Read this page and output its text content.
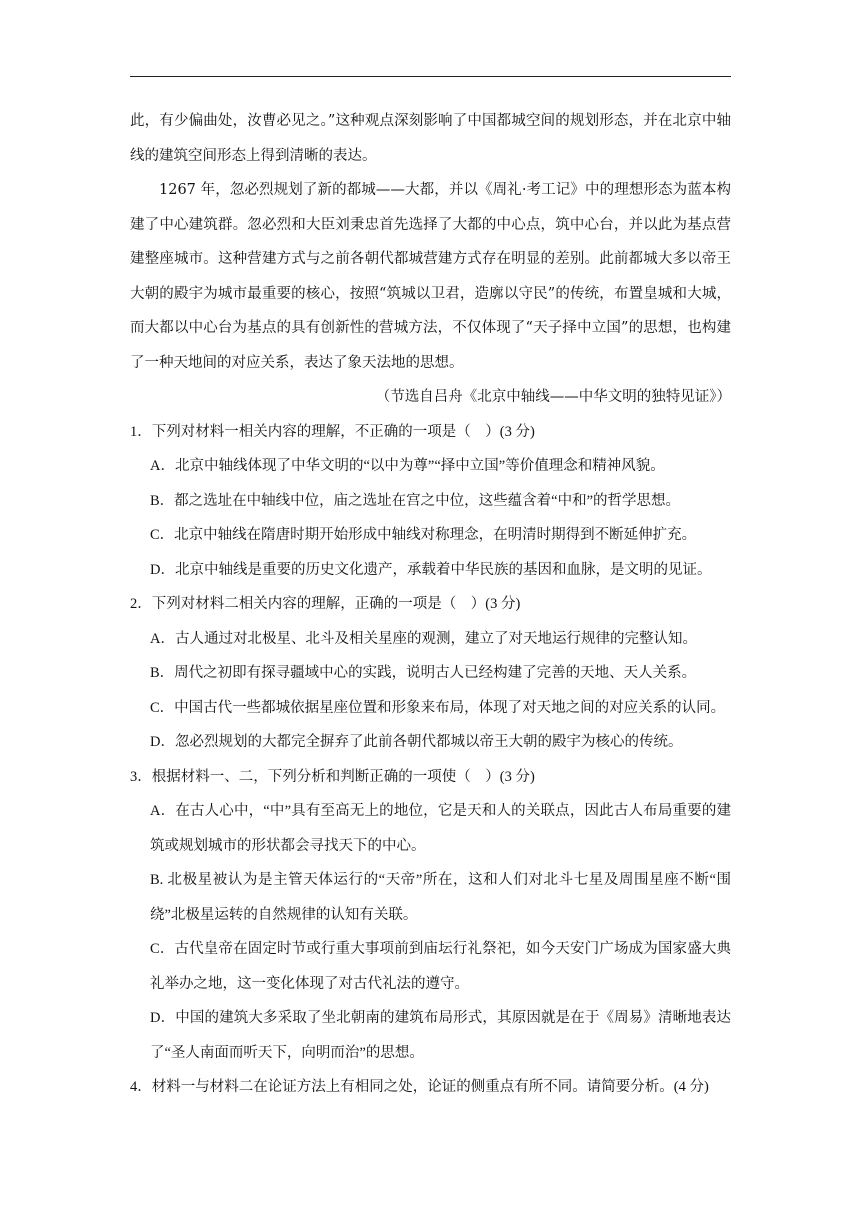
此，有少偏曲处，汝曹必见之。”这种观点深刻影响了中国都城空间的规划形态，并在北京中轴线的建筑空间形态上得到清晰的表达。

1267 年，忽必烈规划了新的都城——大都，并以《周礼·考工记》中的理想形态为蓝本构建了中心建筑群。忽必烈和大臣刘秉忠首先选择了大都的中心点，筑中心台，并以此为基点营建整座城市。这种营建方式与之前各朝代都城营建方式存在明显的差别。此前都城大多以帝王大朝的殿宇为城市最重要的核心，按照“筑城以卫君，造廓以守民”的传统，布置皇城和大城，而大都以中心台为基点的具有创新性的营城方法，不仅体现了“天子择中立国”的思想，也构建了一种天地间的对应关系，表达了象天法地的思想。

（节选自吕舟《北京中轴线——中华文明的独特见证》）

1．下列对材料一相关内容的理解，不正确的一项是（　）(3 分)

A．北京中轴线体现了中华文明的“以中为尊”“择中立国”等价值理念和精神风貌。

B．都之选址在中轴线中位，庙之选址在宫之中位，这些蕴含着“中和”的哲学思想。

C．北京中轴线在隋唐时期开始形成中轴线对称理念，在明清时期得到不断延伸扩充。

D．北京中轴线是重要的历史文化遗产，承载着中华民族的基因和血脉，是文明的见证。

2．下列对材料二相关内容的理解，正确的一项是（　）(3 分)

A．古人通过对北极星、北斗及相关星座的观测，建立了对天地运行规律的完整认知。

B．周代之初即有探寻疆域中心的实践，说明古人已经构建了完善的天地、天人关系。

C．中国古代一些都城依据星座位置和形象来布局，体现了对天地之间的对应关系的认同。

D．忽必烈规划的大都完全摒弃了此前各朝代都城以帝王大朝的殿宇为核心的传统。

3．根据材料一、二，下列分析和判断正确的一项使（　）(3 分)

A．在古人心中，“中”具有至高无上的地位，它是天和人的关联点，因此古人布局重要的建筑或规划城市的形状都会寻找天下的中心。

B. 北极星被认为是主管天体运行的“天帝”所在，这和人们对北斗七星及周围星座不断“围绕”北极星运转的自然规律的认知有关联。

C．古代皇帝在固定时节或行重大事项前到庙坛行礼祭祀，如今天安门广场成为国家盛大典礼举办之地，这一变化体现了对古代礼法的遵守。

D．中国的建筑大多采取了坐北朝南的建筑布局形式，其原因就是在于《周易》清晰地表达了“圣人南面而听天下，向明而治”的思想。

4．材料一与材料二在论证方法上有相同之处，论证的侧重点有所不同。请简要分析。(4 分)
